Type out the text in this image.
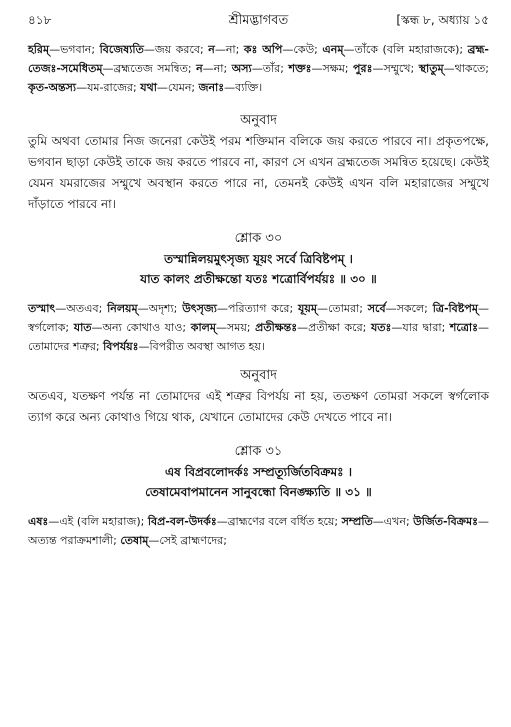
৪১৮	শ্রীমদ্ভাগবত	[স্কন্ধ ৮, অধ্যায় ১৫

হরিম্—ভগবান; বিজেষ্যতি—জয় করবে; ন—না; কঃ অপি—কেউ; এনম্—তাঁকে (বলি মহারাজকে); ব্রহ্ম-তেজঃ-সমেধিতম্—ব্রহ্মতেজ সমন্বিত; ন—না; অস্য—তাঁর; শক্তঃ—সক্ষম; পুরঃ—সম্মুখে; স্থাতুম্—থাকতে; কৃত-অন্তস্য—যম-রাজের; যথা—যেমন; জনাঃ—ব্যক্তি।

অনুবাদ

তুমি অথবা তোমার নিজ জনেরা কেউই পরম শক্তিমান বলিকে জয় করতে পারবে না। প্রকৃতপক্ষে, ভগবান ছাড়া কেউই তাকে জয় করতে পারবে না, কারণ সে এখন ব্রহ্মতেজ সমন্বিত হয়েছে। কেউই যেমন যমরাজের সম্মুখে অবস্থান করতে পারে না, তেমনই কেউই এখন বলি মহারাজের সম্মুখে দাঁড়াতে পারবে না।

শ্লোক ৩০

তস্মান্নিলয়মুৎসৃজ্য যূয়ং সর্বে ত্রিবিষ্টপম্ ।

যাত কালং প্রতীক্ষন্তো যতঃ শত্রোর্বিপর্যয়ঃ ॥ ৩০ ॥

তস্মাৎ—অতএব; নিলয়ম্—অদৃশ্য; উৎসৃজ্য—পরিত্যাগ করে; যূয়ম্—তোমরা; সর্বে—সকলে; ত্রি-বিষ্টপম্—স্বর্গলোক; যাত—অন্য কোথাও যাও; কালম্—সময়; প্রতীক্ষন্তঃ—প্রতীক্ষা করে; যতঃ—যার দ্বারা; শত্রোঃ—তোমাদের শত্রুর; বিপর্যয়ঃ—বিপরীত অবস্থা আগত হয়।

অনুবাদ

অতএব, যতক্ষণ পর্যন্ত না তোমাদের এই শত্রুর বিপর্যয় না হয়, ততক্ষণ তোমরা সকলে স্বর্গলোক ত্যাগ করে অন্য কোথাও গিয়ে থাক, যেখানে তোমাদের কেউ দেখতে পাবে না।

শ্লোক ৩১

এষ বিপ্রবলোদর্কঃ সম্প্রত্যূর্জিতবিক্রমঃ ।

তেষামেবাপমানেন সানুবন্ধো বিনঙ্ক্ষ্যতি ॥ ৩১ ॥

এষঃ—এই (বলি মহারাজ); বিপ্র-বল-উদর্কঃ—ব্রাহ্মণের বলে বর্ধিত হয়ে; সম্প্রতি—এখন; উর্জিত-বিক্রমঃ—অত্যন্ত পরাক্রমশালী; তেষাম্—সেই ব্রাহ্মণদের;
